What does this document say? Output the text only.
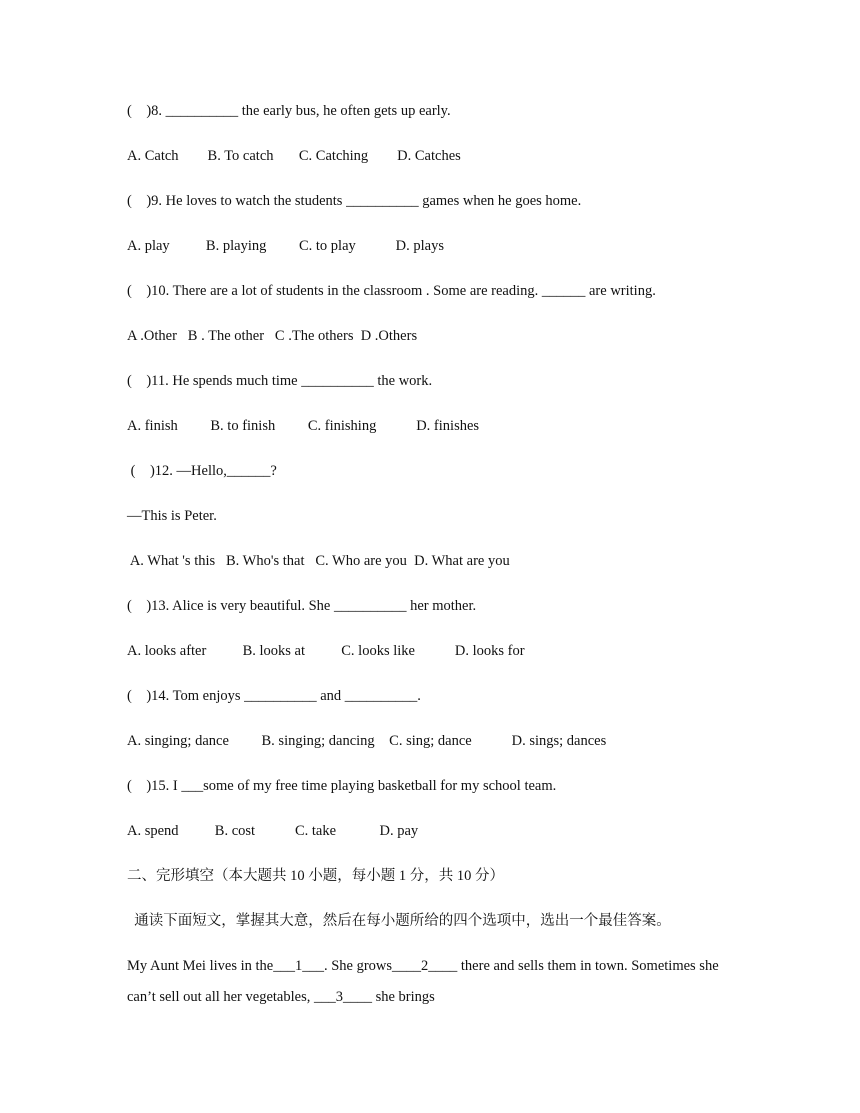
(    )8. __________ the early bus, he often gets up early.
A. Catch        B. To catch       C. Catching        D. Catches
(    )9. He loves to watch the students __________ games when he goes home.
A. play          B. playing         C. to play           D. plays
(    )10. There are a lot of students in the classroom . Some are reading. ______ are writing.
A .Other   B . The other   C .The others  D .Others
(    )11. He spends much time __________ the work.
A. finish         B. to finish         C. finishing           D. finishes
(    )12. —Hello,______?
—This is Peter.
A. What 's this   B. Who's that   C. Who are you  D. What are you
(    )13. Alice is very beautiful. She __________ her mother.
A. looks after          B. looks at          C. looks like           D. looks for
(    )14. Tom enjoys __________ and __________.
A. singing; dance         B. singing; dancing    C. sing; dance           D. sings; dances
(    )15. I ___some of my free time playing basketball for my school team.
A. spend          B. cost           C. take            D. pay
二、完形填空（本大题共 10 小题，每小题 1 分，共 10 分）
通读下面短文，掌握其大意，然后在每小题所给的四个选项中，选出一个最佳答案。
My Aunt Mei lives in the___1___. She grows____2____ there and sells them in town. Sometimes she
can’t sell out all her vegetables, ___3____ she brings
